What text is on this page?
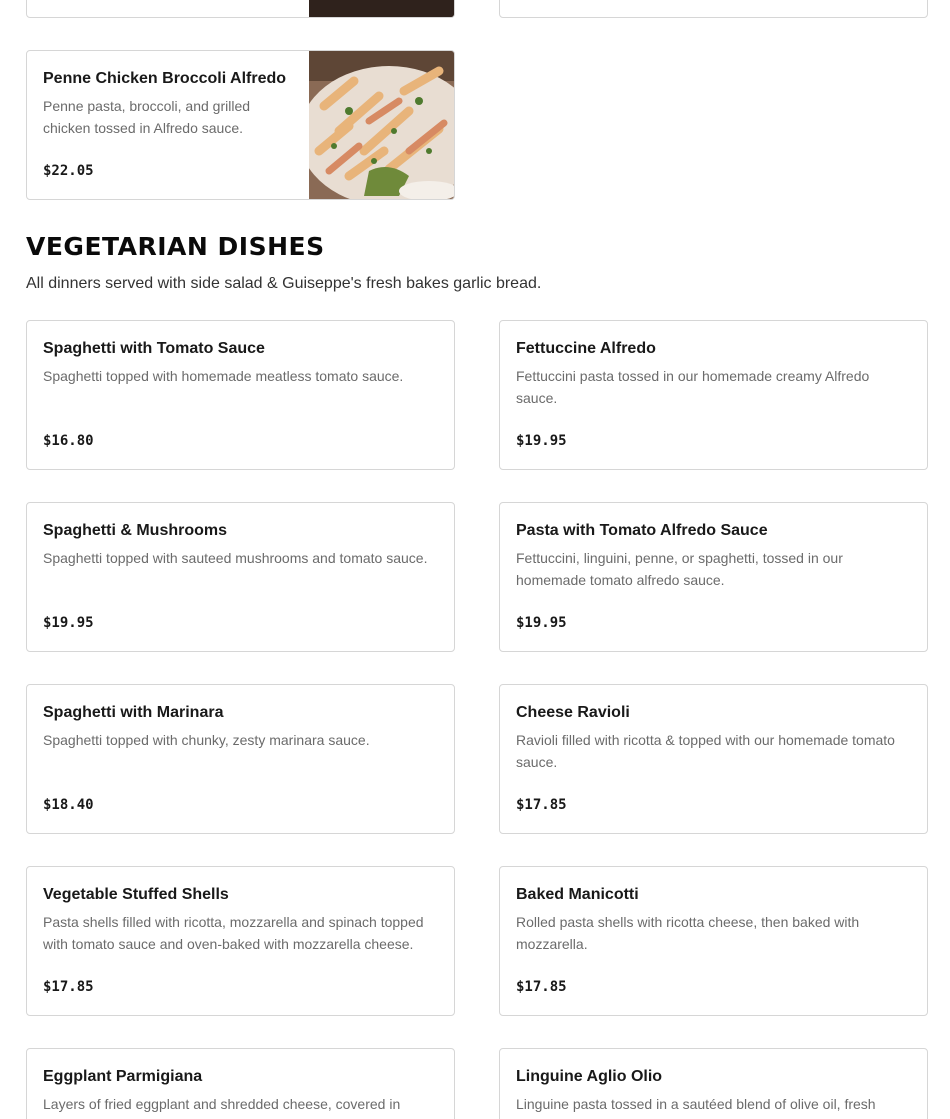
Penne Chicken Broccoli Alfredo

Penne pasta, broccoli, and grilled chicken tossed in Alfredo sauce.
$22.05
VEGETARIAN DISHES
All dinners served with side salad & Guiseppe's fresh bakes garlic bread.

Spaghetti with Tomato Sauce

Spaghetti topped with homemade meatless tomato sauce.
$16.80

Fettuccine Alfredo

Fettuccini pasta tossed in our homemade creamy Alfredo sauce.
$19.95

Spaghetti & Mushrooms

Spaghetti topped with sauteed mushrooms and tomato sauce.
$19.95

Pasta with Tomato Alfredo Sauce

Fettuccini, linguini, penne, or spaghetti, tossed in our homemade tomato alfredo sauce.
$19.95

Spaghetti with Marinara

Spaghetti topped with chunky, zesty marinara sauce.
$18.40

Cheese Ravioli

Ravioli filled with ricotta & topped with our homemade tomato sauce.
$17.85

Vegetable Stuffed Shells

Pasta shells filled with ricotta, mozzarella and spinach topped with tomato sauce and oven-baked with mozzarella cheese.
$17.85

Baked Manicotti

Rolled pasta shells with ricotta cheese, then baked with mozzarella.
$17.85

Eggplant Parmigiana

Layers of fried eggplant and shredded cheese, covered in

Linguine Aglio Olio

Linguine pasta tossed in a sautéed blend of olive oil, fresh
